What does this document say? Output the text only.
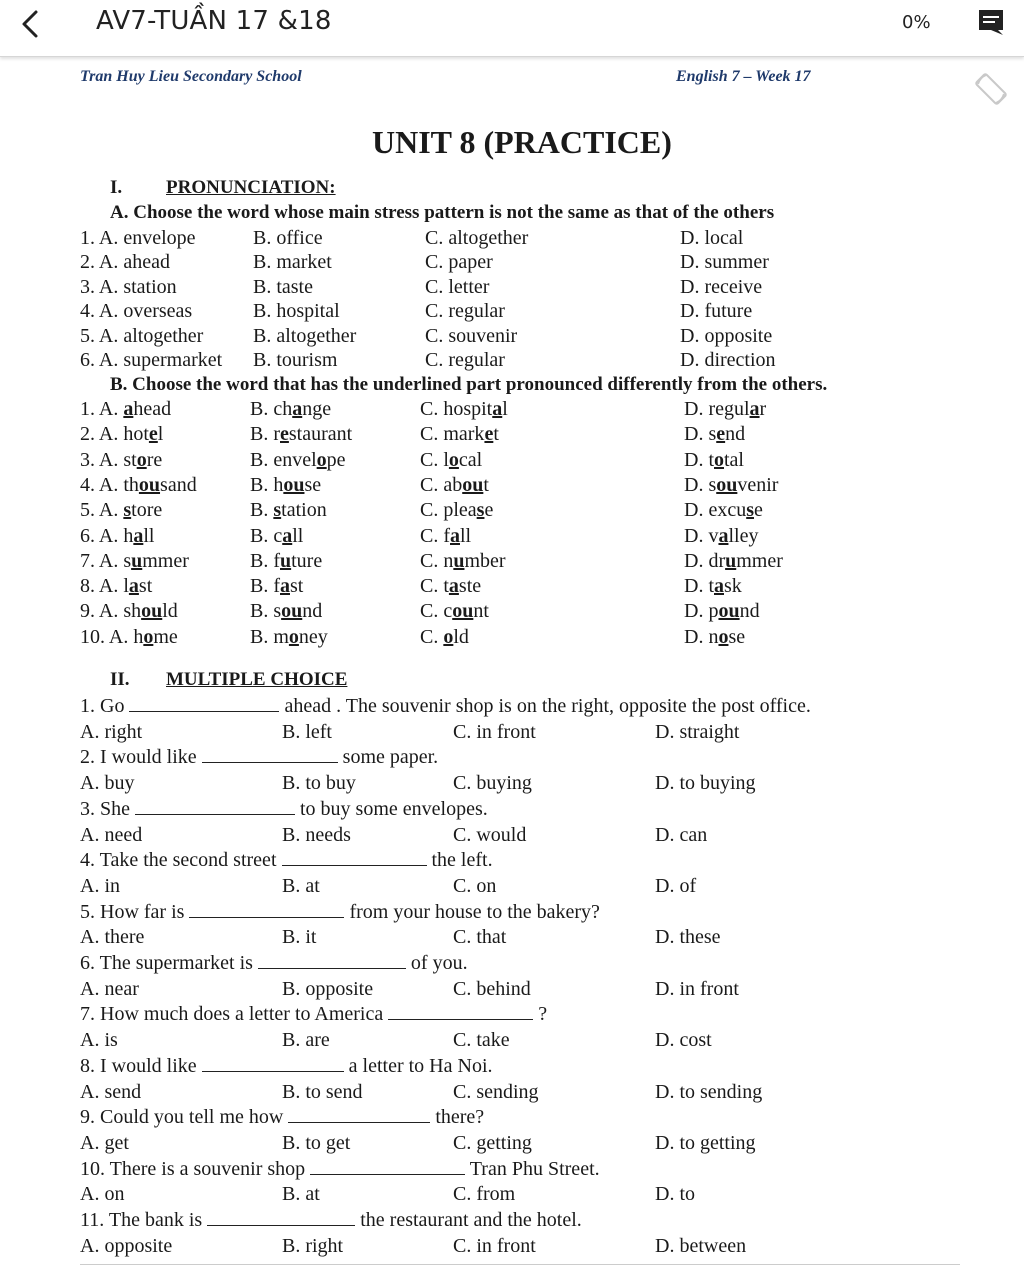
AV7-TUẦN 17 &18	0%
Tran Huy Lieu Secondary School	English 7 – Week 17
UNIT 8 (PRACTICE)
I. PRONUNCIATION:
A. Choose the word whose main stress pattern is not the same as that of the others
1. A. envelope	B. office	C. altogether	D. local
2. A. ahead	B. market	C. paper	D. summer
3. A. station	B. taste	C. letter	D. receive
4. A. overseas	B. hospital	C. regular	D. future
5. A. altogether B. altogether	C. souvenir	D. opposite
6. A. supermarket B. tourism	C. regular	D. direction
B. Choose the word that has the underlined part pronounced differently from the others.
1. A. ahead	B. change	C. hospital	D. regular
2. A. hotel	B. restaurant	C. market	D. send
3. A. store	B. envelope	C. local	D. total
4. A. thousand	B. house	C. about	D. souvenir
5. A. store	B. station	C. please	D. excuse
6. A. hall	B. call	C. fall	D. valley
7. A. summer	B. future	C. number	D. drummer
8. A. last	B. fast	C. taste	D. task
9. A. should	B. sound	C. count	D. pound
10. A. home	B. money	C. old	D. nose
II. MULTIPLE CHOICE
1. Go	ahead . The souvenir shop is on the right, opposite the post office.
A. right	B. left	C. in front	D. straight
2. I would like	some paper.
A. buy	B. to buy	C. buying	D. to buying
3. She	to buy some envelopes.
A. need	B. needs	C. would	D. can
4. Take the second street	the left.
A. in	B. at	C. on	D. of
5. How far is	from your house to the bakery?
A. there	B. it	C. that	D. these
6. The supermarket is	of you.
A. near	B. opposite	C. behind	D. in front
7. How much does a letter to America	?
A. is	B. are	C. take	D. cost
8. I would like	a letter to Ha Noi.
A. send	B. to send	C. sending	D. to sending
9. Could you tell me how	there?
A. get	B. to get	C. getting	D. to getting
10. There is a souvenir shop	Tran Phu Street.
A. on	B. at	C. from	D. to
11. The bank is	the restaurant and the hotel.
A. opposite	B. right	C. in front	D. between
